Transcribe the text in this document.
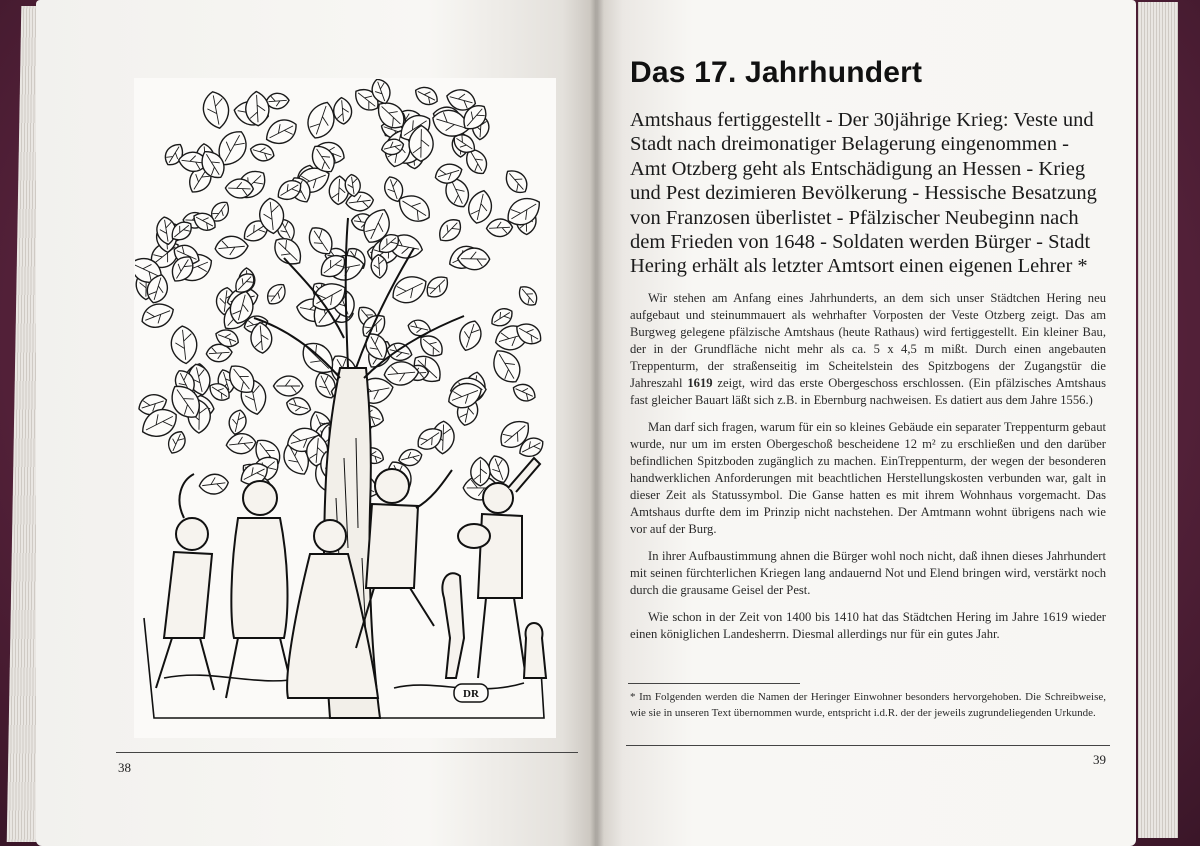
DR
38
Das 17. Jahrhundert

Amtshaus fertiggestellt - Der 30jährige Krieg: Veste und Stadt nach dreimonatiger Belagerung eingenommen - Amt Otzberg geht als Entschädigung an Hessen - Krieg und Pest dezimieren Bevölkerung - Hessische Besatzung von Franzosen überlistet - Pfälzischer Neubeginn nach dem Frieden von 1648 - Soldaten werden Bürger - Stadt Hering erhält als letzter Amtsort einen eigenen Lehrer *

Wir stehen am Anfang eines Jahrhunderts, an dem sich unser Städtchen Hering neu aufgebaut und steinummauert als wehrhafter Vorposten der Veste Otzberg zeigt. Das am Burgweg gelegene pfälzische Amtshaus (heute Rathaus) wird fertiggestellt. Ein kleiner Bau, der in der Grundfläche nicht mehr als ca. 5 x 4,5 m mißt. Durch einen angebauten Treppenturm, der straßenseitig im Scheitelstein des Spitzbogens der Zugangstür die Jahreszahl 1619 zeigt, wird das erste Obergeschoss erschlossen. (Ein pfälzisches Amtshaus fast gleicher Bauart läßt sich z.B. in Ebernburg nachweisen. Es datiert aus dem Jahre 1556.)

Man darf sich fragen, warum für ein so kleines Gebäude ein separater Treppenturm gebaut wurde, nur um im ersten Obergeschoß bescheidene 12 m² zu erschließen und den darüber befindlichen Spitzboden zugänglich zu machen. EinTreppenturm, der wegen der besonderen handwerklichen Anforderungen mit beachtlichen Herstellungskosten verbunden war, galt in dieser Zeit als Statussymbol. Die Ganse hatten es mit ihrem Wohnhaus vorgemacht. Das Amtshaus durfte dem im Prinzip nicht nachstehen. Der Amtmann wohnt übrigens nach wie vor auf der Burg.

In ihrer Aufbaustimmung ahnen die Bürger wohl noch nicht, daß ihnen dieses Jahrhundert mit seinen fürchterlichen Kriegen lang andauernd Not und Elend bringen wird, verstärkt noch durch die grausame Geisel der Pest.

Wie schon in der Zeit von 1400 bis 1410 hat das Städtchen Hering im Jahre 1619 wieder einen königlichen Landesherrn. Diesmal allerdings nur für ein gutes Jahr.

* Im Folgenden werden die Namen der Heringer Einwohner besonders hervorgehoben. Die Schreibweise, wie sie in unseren Text übernommen wurde, entspricht i.d.R. der der jeweils zugrundeliegenden Urkunde.

39
